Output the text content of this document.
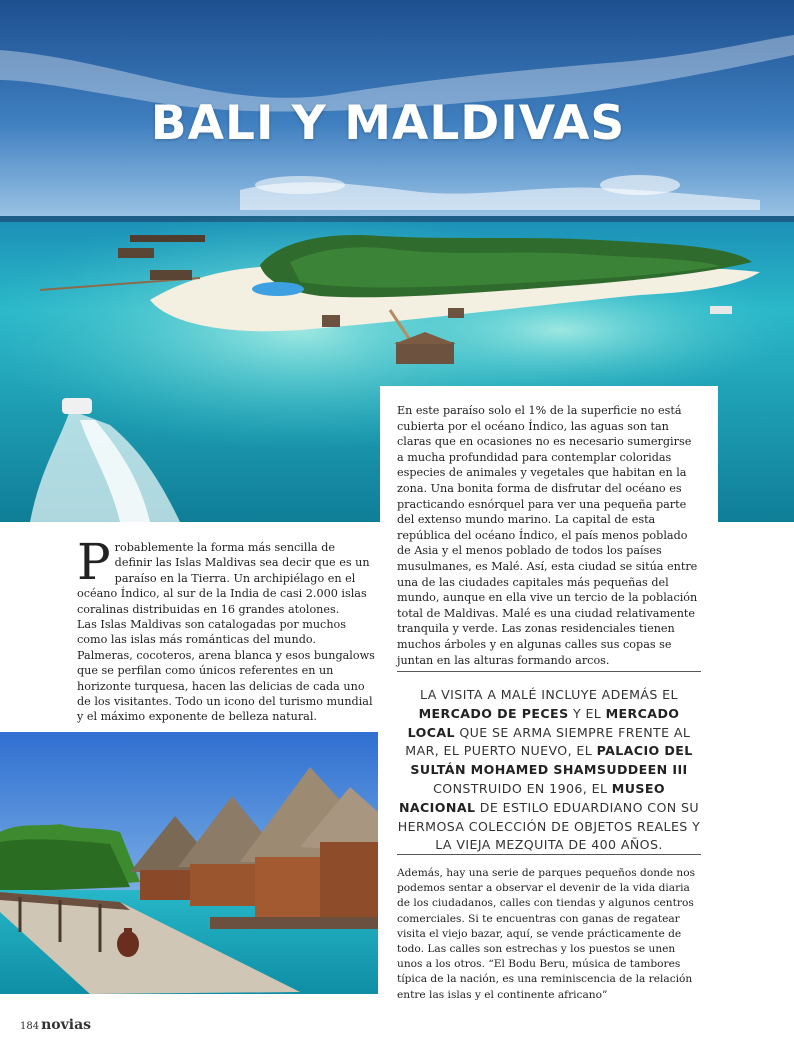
BALI Y MALDIVAS

En este paraíso solo el 1% de la superficie no está cubierta por el océano Índico, las aguas son tan claras que en ocasiones no es necesario sumergirse a mucha profundidad para contemplar coloridas especies de animales y vegetales que habitan en la zona. Una bonita forma de disfrutar del océano es practicando esnórquel para ver una pequeña parte del extenso mundo marino. La capital de esta república del océano Índico, el país menos poblado de Asia y el menos poblado de todos los países musulmanes, es Malé. Así, esta ciudad se sitúa entre una de las ciudades capitales más pequeñas del mundo, aunque en ella vive un tercio de la población total de Maldivas. Malé es una ciudad relativamente tranquila y verde. Las zonas residenciales tienen muchos árboles y en algunas calles sus copas se juntan en las alturas formando arcos.

Probablemente la forma más sencilla de definir las Islas Maldivas sea decir que es un paraíso en la Tierra. Un archipiélago en el océano Índico, al sur de la India de casi 2.000 islas coralinas distribuidas en 16 grandes atolones.

Las Islas Maldivas son catalogadas por muchos como las islas más románticas del mundo. Palmeras, cocoteros, arena blanca y esos bungalows que se perfilan como únicos referentes en un horizonte turquesa, hacen las delicias de cada uno de los visitantes. Todo un icono del turismo mundial y el máximo exponente de belleza natural.

LA VISITA A MALÉ INCLUYE ADEMÁS EL MERCADO DE PECES Y EL MERCADO LOCAL QUE SE ARMA SIEMPRE FRENTE AL MAR, EL PUERTO NUEVO, EL PALACIO DEL SULTÁN MOHAMED SHAMSUDDEEN III CONSTRUIDO EN 1906, EL MUSEO NACIONAL DE ESTILO EDUARDIANO CON SU HERMOSA COLECCIÓN DE OBJETOS REALES Y LA VIEJA MEZQUITA DE 400 AÑOS.

Además, hay una serie de parques pequeños donde nos podemos sentar a observar el devenir de la vida diaria de los ciudadanos, calles con tiendas y algunos centros comerciales. Si te encuentras con ganas de regatear visita el viejo bazar, aquí, se vende prácticamente de todo. Las calles son estrechas y los puestos se unen unos a los otros. “El Bodu Beru, música de tambores típica de la nación, es una reminiscencia de la relación entre las islas y el continente africano”

184 novias
